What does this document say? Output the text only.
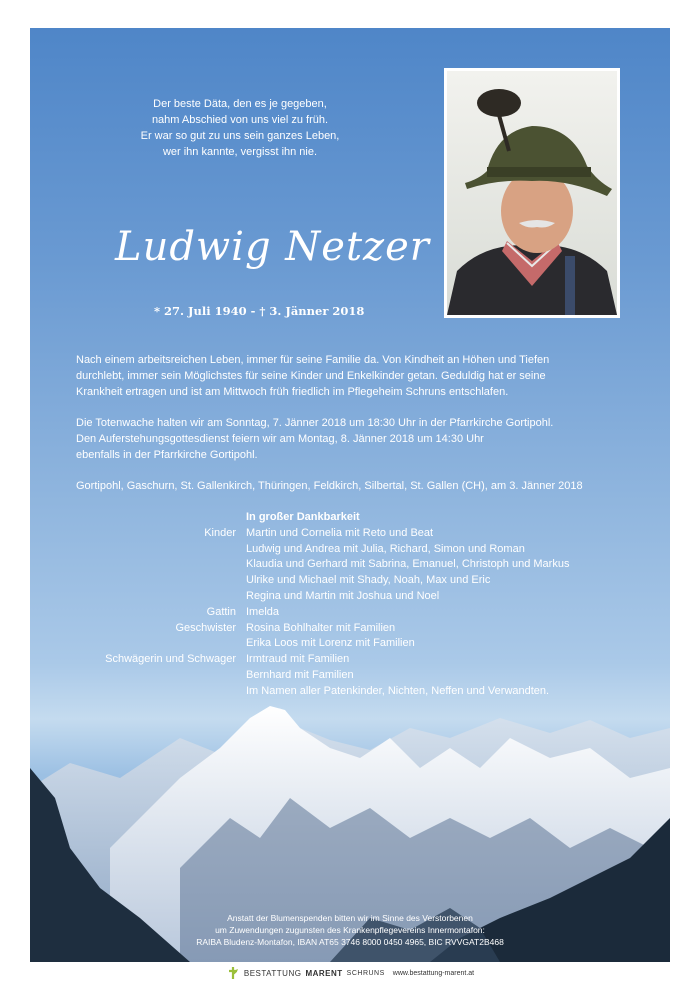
Der beste Däta, den es je gegeben,
nahm Abschied von uns viel zu früh.
Er war so gut zu uns sein ganzes Leben,
wer ihn kannte, vergisst ihn nie.
Ludwig Netzer
* 27. Juli 1940 - † 3. Jänner 2018
Nach einem arbeitsreichen Leben, immer für seine Familie da. Von Kindheit an Höhen und Tiefen
durchlebt, immer sein Möglichstes für seine Kinder und Enkelkinder getan. Geduldig hat er seine
Krankheit ertragen und ist am Mittwoch früh friedlich im Pflegeheim Schruns entschlafen.
Die Totenwache halten wir am Sonntag, 7. Jänner 2018 um 18:30 Uhr in der Pfarrkirche Gortipohl.
Den Auferstehungsgottesdienst feiern wir am Montag, 8. Jänner 2018 um 14:30 Uhr
ebenfalls in der Pfarrkirche Gortipohl.
Gortipohl, Gaschurn, St. Gallenkirch, Thüringen, Feldkirch, Silbertal, St. Gallen (CH), am 3. Jänner 2018
In großer Dankbarkeit
Kinder Martin und Cornelia mit Reto und Beat
Ludwig und Andrea mit Julia, Richard, Simon und Roman
Klaudia und Gerhard mit Sabrina, Emanuel, Christoph und Markus
Ulrike und Michael mit Shady, Noah, Max und Eric
Regina und Martin mit Joshua und Noel
Gattin Imelda
Geschwister Rosina Bohlhalter mit Familien
Erika Loos mit Lorenz mit Familien
Schwägerin und Schwager Irmtraud mit Familien
Bernhard mit Familien
Im Namen aller Patenkinder, Nichten, Neffen und Verwandten.
Anstatt der Blumenspenden bitten wir im Sinne des Verstorbenen
um Zuwendungen zugunsten des Krankenpflegevereins Innermontafon:
RAIBA Bludenz-Montafon, IBAN AT65 3746 8000 0450 4965, BIC RVVGAT2B468
BESTATTUNG MARENT SCHRUNS www.bestattung-marent.at
